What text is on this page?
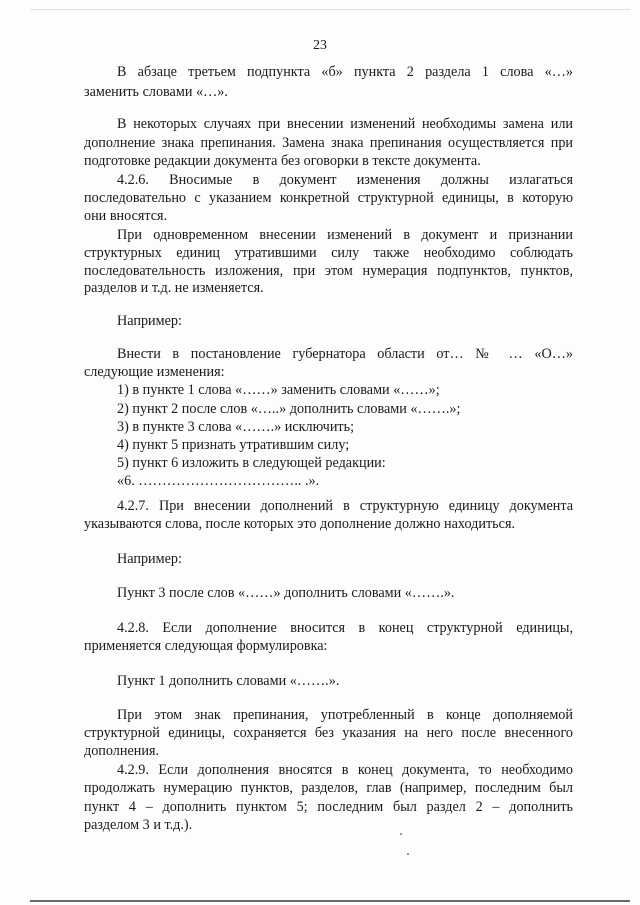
23
В абзаце третьем подпункта «б» пункта 2 раздела 1 слова «…»
заменить словами «…».
В некоторых случаях при внесении изменений необходимы замена или
дополнение знака препинания. Замена знака препинания осуществляется при
подготовке редакции документа без оговорки в тексте документа.
4.2.6. Вносимые в документ изменения должны излагаться
последовательно с указанием конкретной структурной единицы, в которую
они вносятся.
При одновременном внесении изменений в документ и признании
структурных единиц утратившими силу также необходимо соблюдать
последовательность изложения, при этом нумерация подпунктов, пунктов,
разделов и т.д. не изменяется.
Например:
Внести в постановление губернатора области от… № … «О…»
следующие изменения:
1) в пункте 1 слова «……» заменить словами «……»;
2) пункт 2 после слов «…..» дополнить словами «…….»;
3) в пункте 3 слова «…….» исключить;
4) пункт 5 признать утратившим силу;
5) пункт 6 изложить в следующей редакции:
«6. …………………………….. .».
4.2.7. При внесении дополнений в структурную единицу документа
указываются слова, после которых это дополнение должно находиться.
Например:
Пункт 3 после слов «……» дополнить словами «…….».
4.2.8. Если дополнение вносится в конец структурной единицы,
применяется следующая формулировка:
Пункт 1 дополнить словами «…….».
При этом знак препинания, употребленный в конце дополняемой
структурной единицы, сохраняется без указания на него после внесенного
дополнения.
4.2.9. Если дополнения вносятся в конец документа, то необходимо
продолжать нумерацию пунктов, разделов, глав (например, последним был
пункт 4 – дополнить пунктом 5; последним был раздел 2 – дополнить
разделом 3 и т.д.).
